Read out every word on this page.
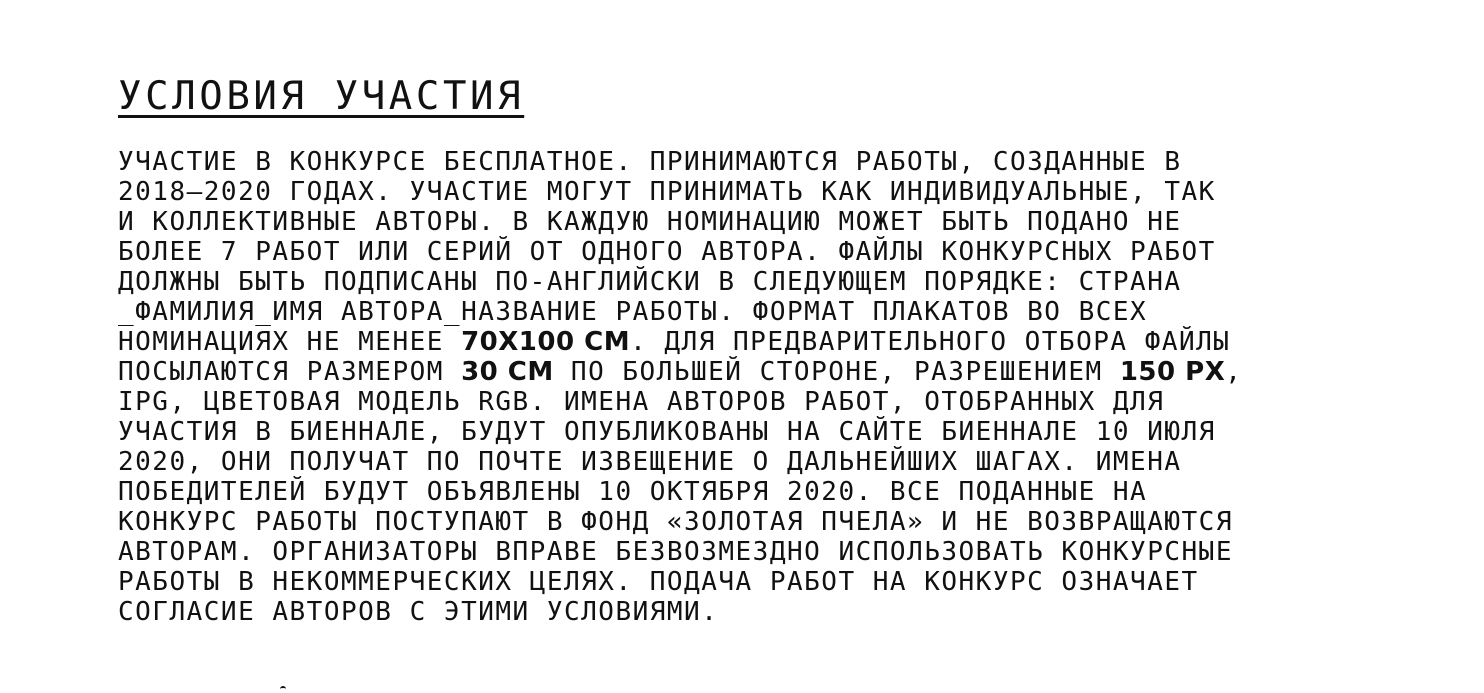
УСЛОВИЯ УЧАСТИЯ

УЧАСТИЕ В КОНКУРСЕ БЕСПЛАТНОЕ. ПРИНИМАЮТСЯ РАБОТЫ, СОЗДАННЫЕ В
2018–2020 ГОДАХ. УЧАСТИЕ МОГУТ ПРИНИМАТЬ КАК ИНДИВИДУАЛЬНЫЕ, ТАК
И КОЛЛЕКТИВНЫЕ АВТОРЫ. В КАЖДУЮ НОМИНАЦИЮ МОЖЕТ БЫТЬ ПОДАНО НЕ
БОЛЕЕ 7 РАБОТ ИЛИ СЕРИЙ ОТ ОДНОГО АВТОРА. ФАЙЛЫ КОНКУРСНЫХ РАБОТ
ДОЛЖНЫ БЫТЬ ПОДПИСАНЫ ПО-АНГЛИЙСКИ В СЛЕДУЮЩЕМ ПОРЯДКЕ: СТРАНА
_ФАМИЛИЯ_ИМЯ АВТОРА_НАЗВАНИЕ РАБОТЫ. ФОРМАТ ПЛАКАТОВ ВО ВСЕХ
НОМИНАЦИЯХ НЕ МЕНЕЕ 70Х100 СМ. ДЛЯ ПРЕДВАРИТЕЛЬНОГО ОТБОРА ФАЙЛЫ
ПОСЫЛАЮТСЯ РАЗМЕРОМ 30 СМ ПО БОЛЬШЕЙ СТОРОНЕ, РАЗРЕШЕНИЕМ 150 PX,
IPG, ЦВЕТОВАЯ МОДЕЛЬ RGB. ИМЕНА АВТОРОВ РАБОТ, ОТОБРАННЫХ ДЛЯ
УЧАСТИЯ В БИЕННАЛЕ, БУДУТ ОПУБЛИКОВАНЫ НА САЙТЕ БИЕННАЛЕ 10 ИЮЛЯ
2020, ОНИ ПОЛУЧАТ ПО ПОЧТЕ ИЗВЕЩЕНИЕ О ДАЛЬНЕЙШИХ ШАГАХ. ИМЕНА
ПОБЕДИТЕЛЕЙ БУДУТ ОБЪЯВЛЕНЫ 10 ОКТЯБРЯ 2020. ВСЕ ПОДАННЫЕ НА
КОНКУРС РАБОТЫ ПОСТУПАЮТ В ФОНД «ЗОЛОТАЯ ПЧЕЛА» И НЕ ВОЗВРАЩАЮТСЯ
АВТОРАМ. ОРГАНИЗАТОРЫ ВПРАВЕ БЕЗВОЗМЕЗДНО ИСПОЛЬЗОВАТЬ КОНКУРСНЫЕ
РАБОТЫ В НЕКОММЕРЧЕСКИХ ЦЕЛЯХ. ПОДАЧА РАБОТ НА КОНКУРС ОЗНАЧАЕТ
СОГЛАСИЕ АВТОРОВ С ЭТИМИ УСЛОВИЯМИ.
